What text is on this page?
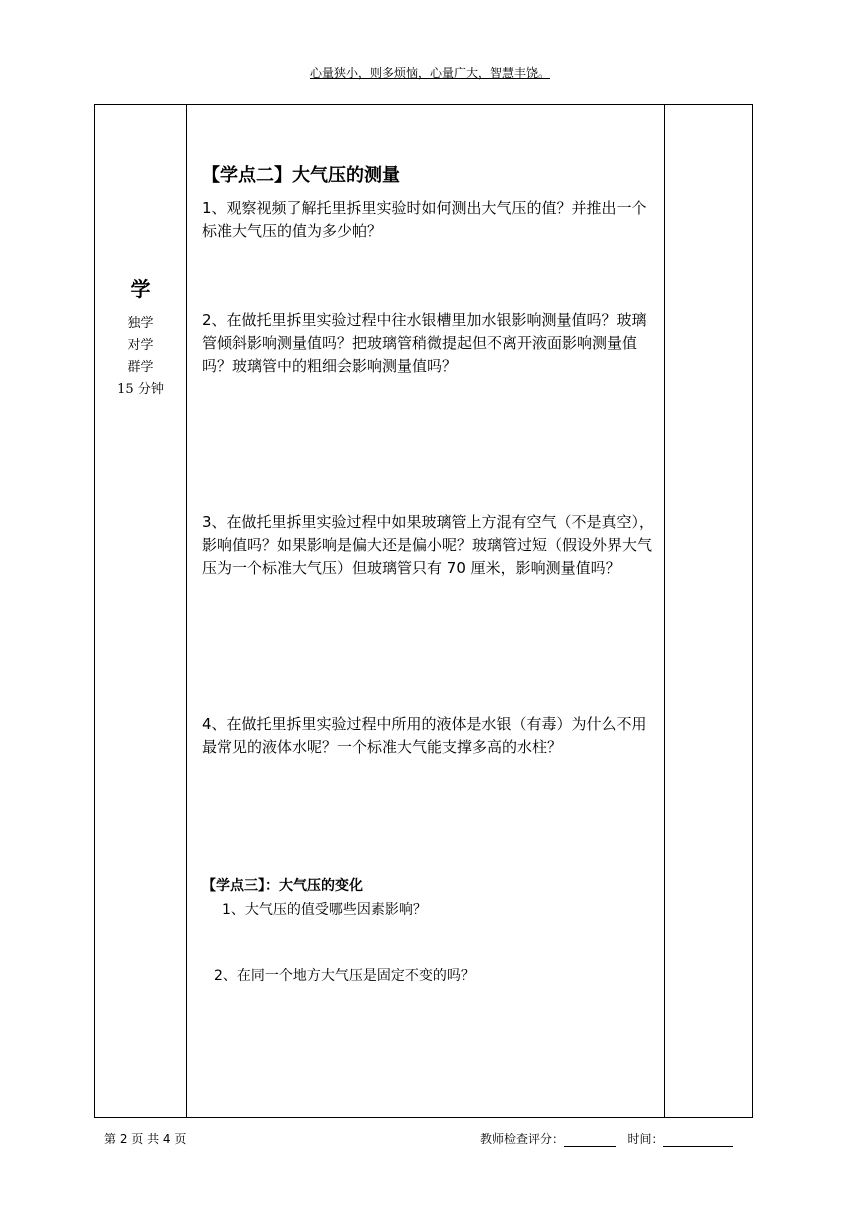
心量狭小，则多烦恼，心量广大，智慧丰饶。
学
独学
对学
群学
15 分钟
【学点二】大气压的测量
1、观察视频了解托里拆里实验时如何测出大气压的值？并推出一个标准大气压的值为多少帕？
2、在做托里拆里实验过程中往水银槽里加水银影响测量值吗？玻璃管倾斜影响测量值吗？把玻璃管稍微提起但不离开液面影响测量值吗？玻璃管中的粗细会影响测量值吗？
3、在做托里拆里实验过程中如果玻璃管上方混有空气（不是真空），影响值吗？如果影响是偏大还是偏小呢？玻璃管过短（假设外界大气压为一个标准大气压）但玻璃管只有 70 厘米，影响测量值吗？
4、在做托里拆里实验过程中所用的液体是水银（有毒）为什么不用最常见的液体水呢？一个标准大气能支撑多高的水柱？
【学点三】：大气压的变化
1、大气压的值受哪些因素影响？
2、在同一个地方大气压是固定不变的吗？
第 2 页 共 4 页	教师检查评分：	时间：
